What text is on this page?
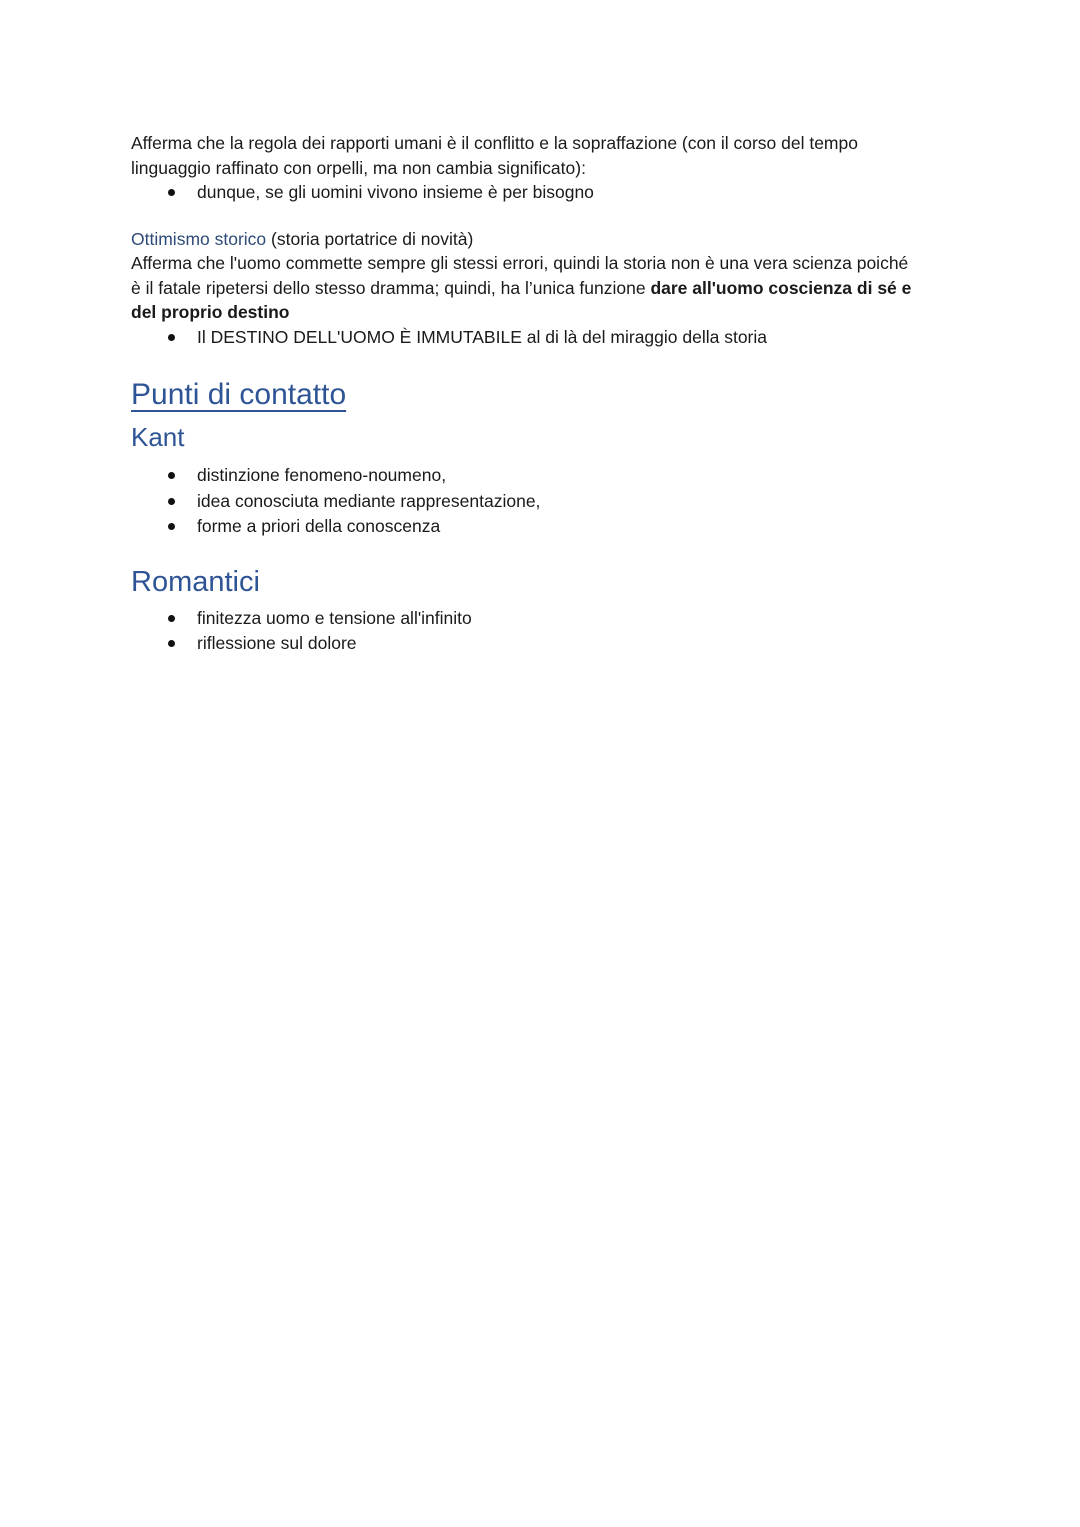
Afferma che la regola dei rapporti umani è il conflitto e la sopraffazione (con il corso del tempo

linguaggio raffinato con orpelli, ma non cambia significato):

dunque, se gli uomini vivono insieme è per bisogno

Ottimismo storico (storia portatrice di novità)

Afferma che l'uomo commette sempre gli stessi errori, quindi la storia non è una vera scienza poiché

è il fatale ripetersi dello stesso dramma; quindi, ha l’unica funzione dare all'uomo coscienza di sé e

del proprio destino

Il DESTINO DELL'UOMO È IMMUTABILE al di là del miraggio della storia
Punti di contatto
Kant
distinzione fenomeno-noumeno,
idea conosciuta mediante rappresentazione,
forme a priori della conoscenza
Romantici
finitezza uomo e tensione all'infinito
riflessione sul dolore
